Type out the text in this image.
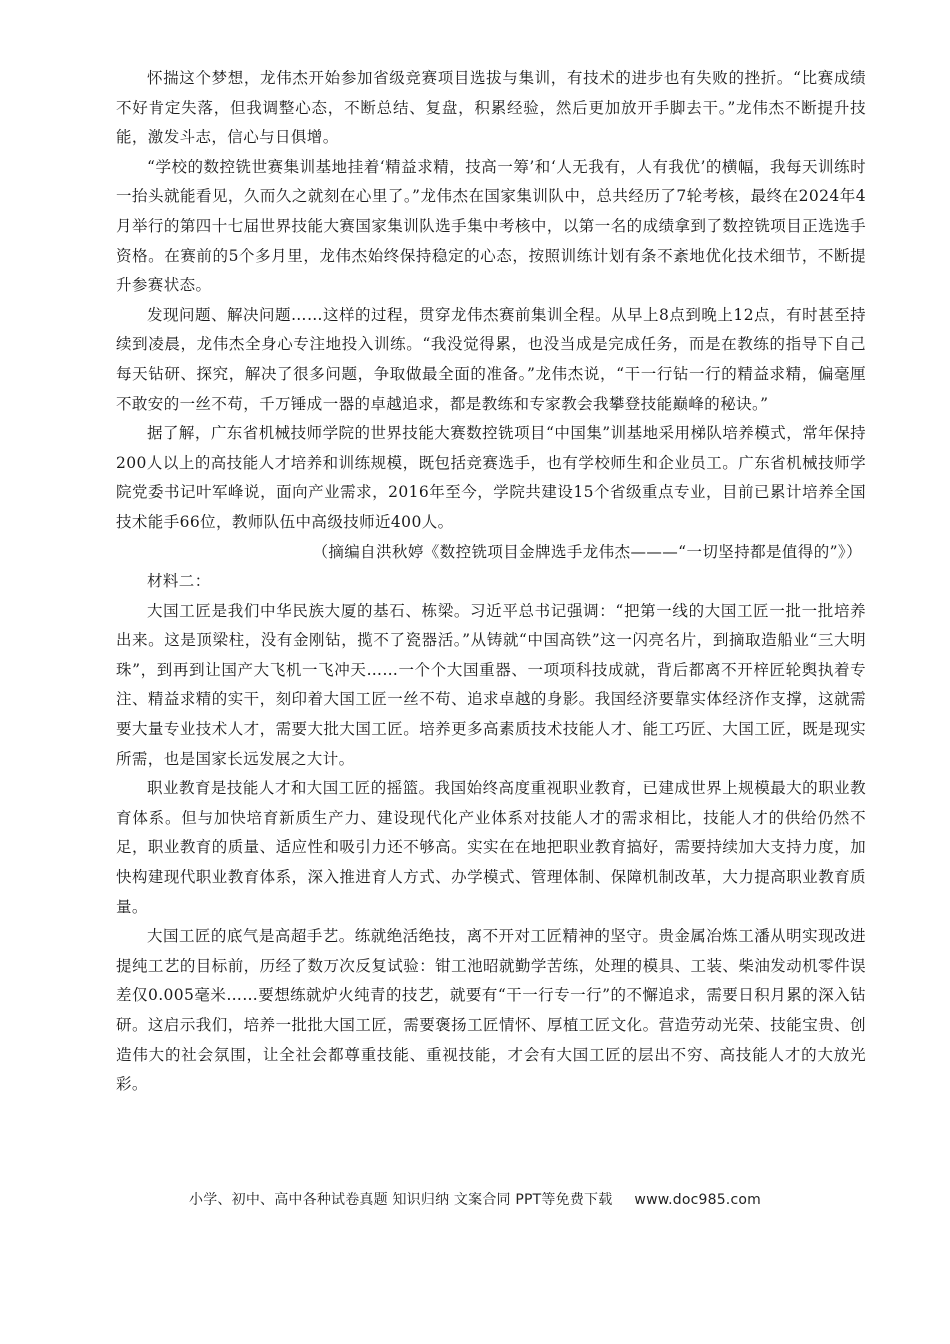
怀揣这个梦想，龙伟杰开始参加省级竞赛项目选拔与集训，有技术的进步也有失败的挫折。“比赛成绩不好肯定失落，但我调整心态，不断总结、复盘，积累经验，然后更加放开手脚去干。”龙伟杰不断提升技能，激发斗志，信心与日俱增。

“学校的数控铣世赛集训基地挂着‘精益求精，技高一筹’和‘人无我有，人有我优’的横幅，我每天训练时一抬头就能看见，久而久之就刻在心里了。”龙伟杰在国家集训队中，总共经历了7轮考核，最终在2024年4月举行的第四十七届世界技能大赛国家集训队选手集中考核中，以第一名的成绩拿到了数控铣项目正选选手资格。在赛前的5个多月里，龙伟杰始终保持稳定的心态，按照训练计划有条不紊地优化技术细节，不断提升参赛状态。

发现问题、解决问题……这样的过程，贯穿龙伟杰赛前集训全程。从早上8点到晚上12点，有时甚至持续到凌晨，龙伟杰全身心专注地投入训练。“我没觉得累，也没当成是完成任务，而是在教练的指导下自己每天钻研、探究，解决了很多问题，争取做最全面的准备。”龙伟杰说，“干一行钻一行的精益求精，偏毫厘不敢安的一丝不苟，千万锤成一器的卓越追求，都是教练和专家教会我攀登技能巅峰的秘诀。”

据了解，广东省机械技师学院的世界技能大赛数控铣项目“中国集”训基地采用梯队培养模式，常年保持200人以上的高技能人才培养和训练规模，既包括竞赛选手，也有学校师生和企业员工。广东省机械技师学院党委书记叶军峰说，面向产业需求，2016年至今，学院共建设15个省级重点专业，目前已累计培养全国技术能手66位，教师队伍中高级技师近400人。

（摘编自洪秋婷《数控铣项目金牌选手龙伟杰———“一切坚持都是值得的”》）

材料二：

大国工匠是我们中华民族大厦的基石、栋梁。习近平总书记强调：“把第一线的大国工匠一批一批培养出来。这是顶梁柱，没有金刚钻，揽不了瓷器活。”从铸就“中国高铁”这一闪亮名片，到摘取造船业“三大明珠”，到再到让国产大飞机一飞冲天……一个个大国重器、一项项科技成就，背后都离不开梓匠轮舆执着专注、精益求精的实干，刻印着大国工匠一丝不苟、追求卓越的身影。我国经济要靠实体经济作支撑，这就需要大量专业技术人才，需要大批大国工匠。培养更多高素质技术技能人才、能工巧匠、大国工匠，既是现实所需，也是国家长远发展之大计。

职业教育是技能人才和大国工匠的摇篮。我国始终高度重视职业教育，已建成世界上规模最大的职业教育体系。但与加快培育新质生产力、建设现代化产业体系对技能人才的需求相比，技能人才的供给仍然不足，职业教育的质量、适应性和吸引力还不够高。实实在在地把职业教育搞好，需要持续加大支持力度，加快构建现代职业教育体系，深入推进育人方式、办学模式、管理体制、保障机制改革，大力提高职业教育质量。

大国工匠的底气是高超手艺。练就绝活绝技，离不开对工匠精神的坚守。贵金属冶炼工潘从明实现改进提纯工艺的目标前，历经了数万次反复试验：钳工池昭就勤学苦练，处理的模具、工装、柴油发动机零件误差仅0.005毫米……要想练就炉火纯青的技艺，就要有“干一行专一行”的不懈追求，需要日积月累的深入钻研。这启示我们，培养一批批大国工匠，需要褒扬工匠情怀、厚植工匠文化。营造劳动光荣、技能宝贵、创造伟大的社会氛围，让全社会都尊重技能、重视技能，才会有大国工匠的层出不穷、高技能人才的大放光彩。

小学、初中、高中各种试卷真题 知识归纳 文案合同 PPT等免费下载 www.doc985.com
